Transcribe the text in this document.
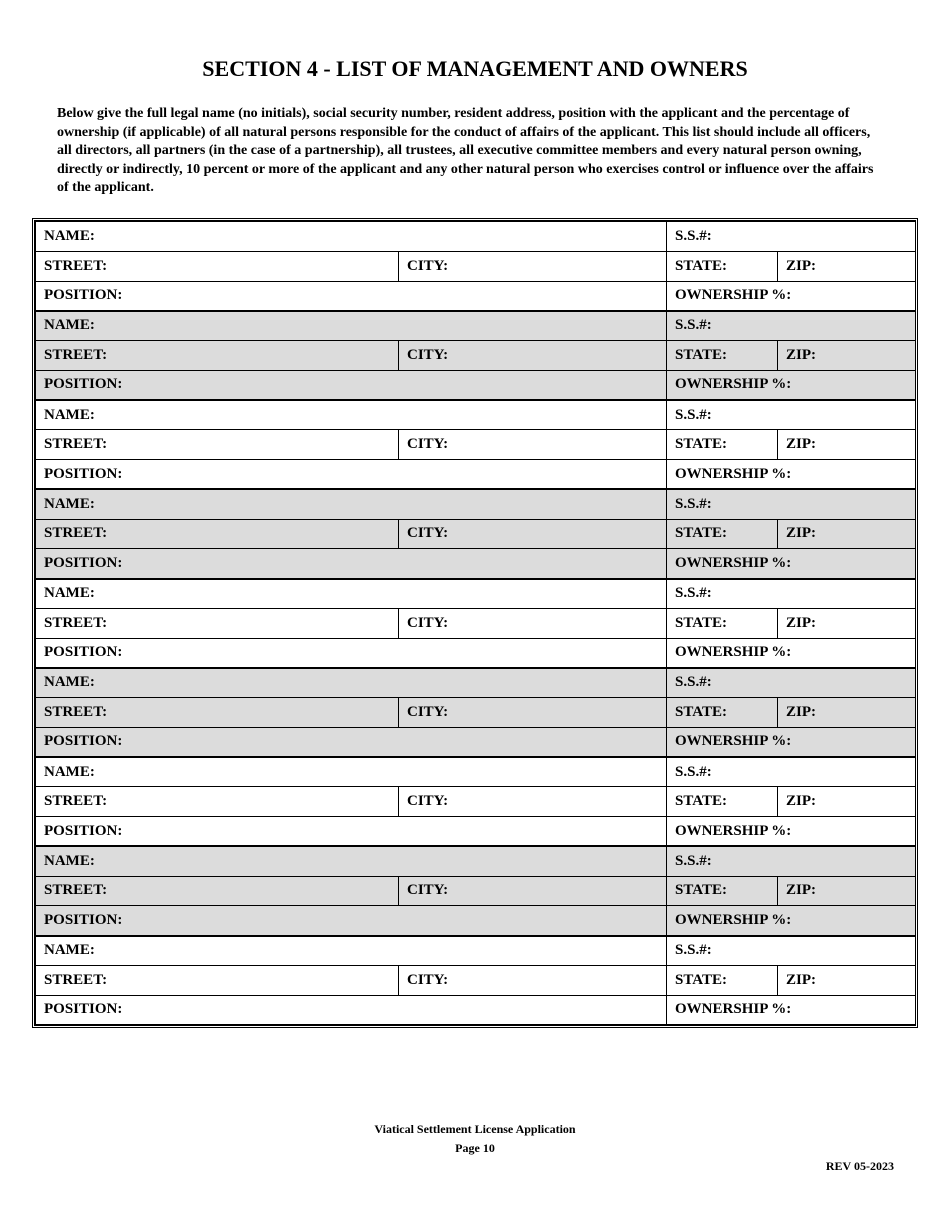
SECTION 4 - LIST OF MANAGEMENT AND OWNERS
Below give the full legal name (no initials), social security number, resident address, position with the applicant and the percentage of ownership (if applicable) of all natural persons responsible for the conduct of affairs of the applicant. This list should include all officers, all directors, all partners (in the case of a partnership), all trustees, all executive committee members and every natural person owning, directly or indirectly, 10 percent or more of the applicant and any other natural person who exercises control or influence over the affairs of the applicant.
NAME:		S.S.#:	
STREET:	CITY:	STATE:	ZIP:
POSITION:		OWNERSHIP %:	
NAME:		S.S.#:	
STREET:	CITY:	STATE:	ZIP:
POSITION:		OWNERSHIP %:	
NAME:		S.S.#:	
STREET:	CITY:	STATE:	ZIP:
POSITION:		OWNERSHIP %:	
NAME:		S.S.#:	
STREET:	CITY:	STATE:	ZIP:
POSITION:		OWNERSHIP %:	
NAME:		S.S.#:	
STREET:	CITY:	STATE:	ZIP:
POSITION:		OWNERSHIP %:	
NAME:		S.S.#:	
STREET:	CITY:	STATE:	ZIP:
POSITION:		OWNERSHIP %:	
NAME:		S.S.#:	
STREET:	CITY:	STATE:	ZIP:
POSITION:		OWNERSHIP %:	
NAME:		S.S.#:	
STREET:	CITY:	STATE:	ZIP:
POSITION:		OWNERSHIP %:	
NAME:		S.S.#:	
STREET:	CITY:	STATE:	ZIP:
POSITION:		OWNERSHIP %:	
Viatical Settlement License Application
Page 10
REV 05-2023
